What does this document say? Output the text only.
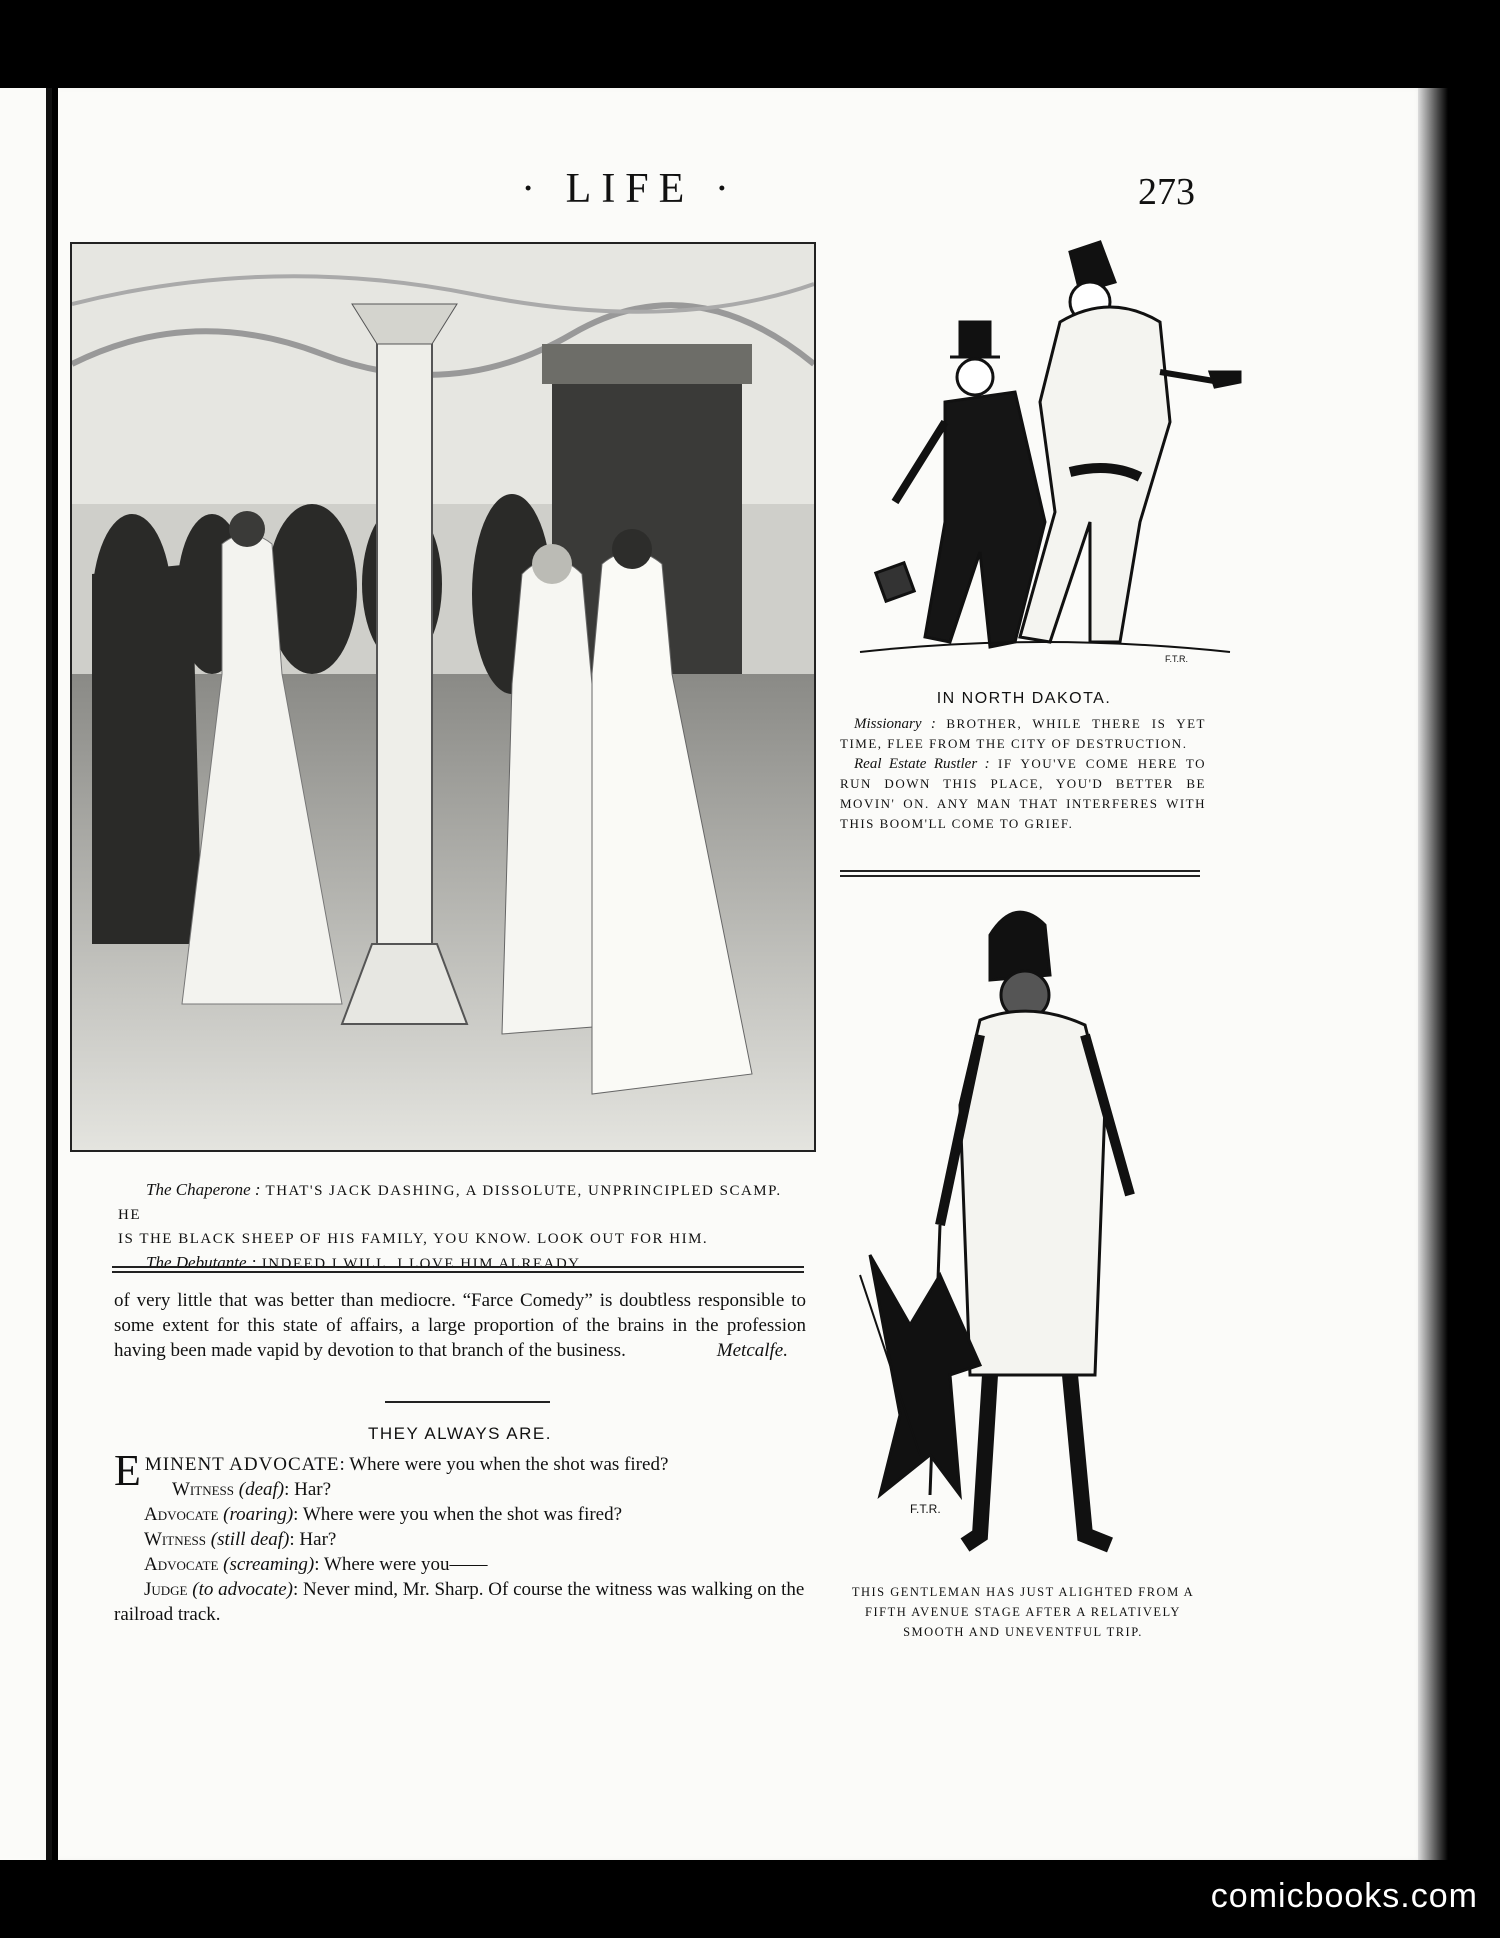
· LIFE ·	273
The Chaperone : THAT'S JACK DASHING, A DISSOLUTE, UNPRINCIPLED SCAMP. HE
IS THE BLACK SHEEP OF HIS FAMILY, YOU KNOW. LOOK OUT FOR HIM.
The Debutante : INDEED I WILL. I LOVE HIM ALREADY.
of very little that was better than mediocre. “Farce Comedy” is doubtless responsible to some extent for this state of affairs, a large proportion of the brains in the profession having been made vapid by devotion to that branch of the business.	Metcalfe.
THEY ALWAYS ARE.
EMINENT ADVOCATE: Where were you when the shot was fired?
Witness (deaf): Har?
Advocate (roaring): Where were you when the shot was fired?
Witness (still deaf): Har?
Advocate (screaming): Where were you——
Judge (to advocate): Never mind, Mr. Sharp. Of course the witness was walking on the railroad track.
F.T.R.
IN NORTH DAKOTA.
Missionary : BROTHER, WHILE THERE IS YET TIME, FLEE FROM THE CITY OF DESTRUCTION.
Real Estate Rustler : IF YOU'VE COME HERE TO RUN DOWN THIS PLACE, YOU'D BETTER BE MOVIN' ON. ANY MAN THAT INTERFERES WITH THIS BOOM'LL COME TO GRIEF.
F.T.R.
THIS GENTLEMAN HAS JUST ALIGHTED FROM A FIFTH AVENUE STAGE AFTER A RELATIVELY SMOOTH AND UNEVENTFUL TRIP.
comicbooks.com
